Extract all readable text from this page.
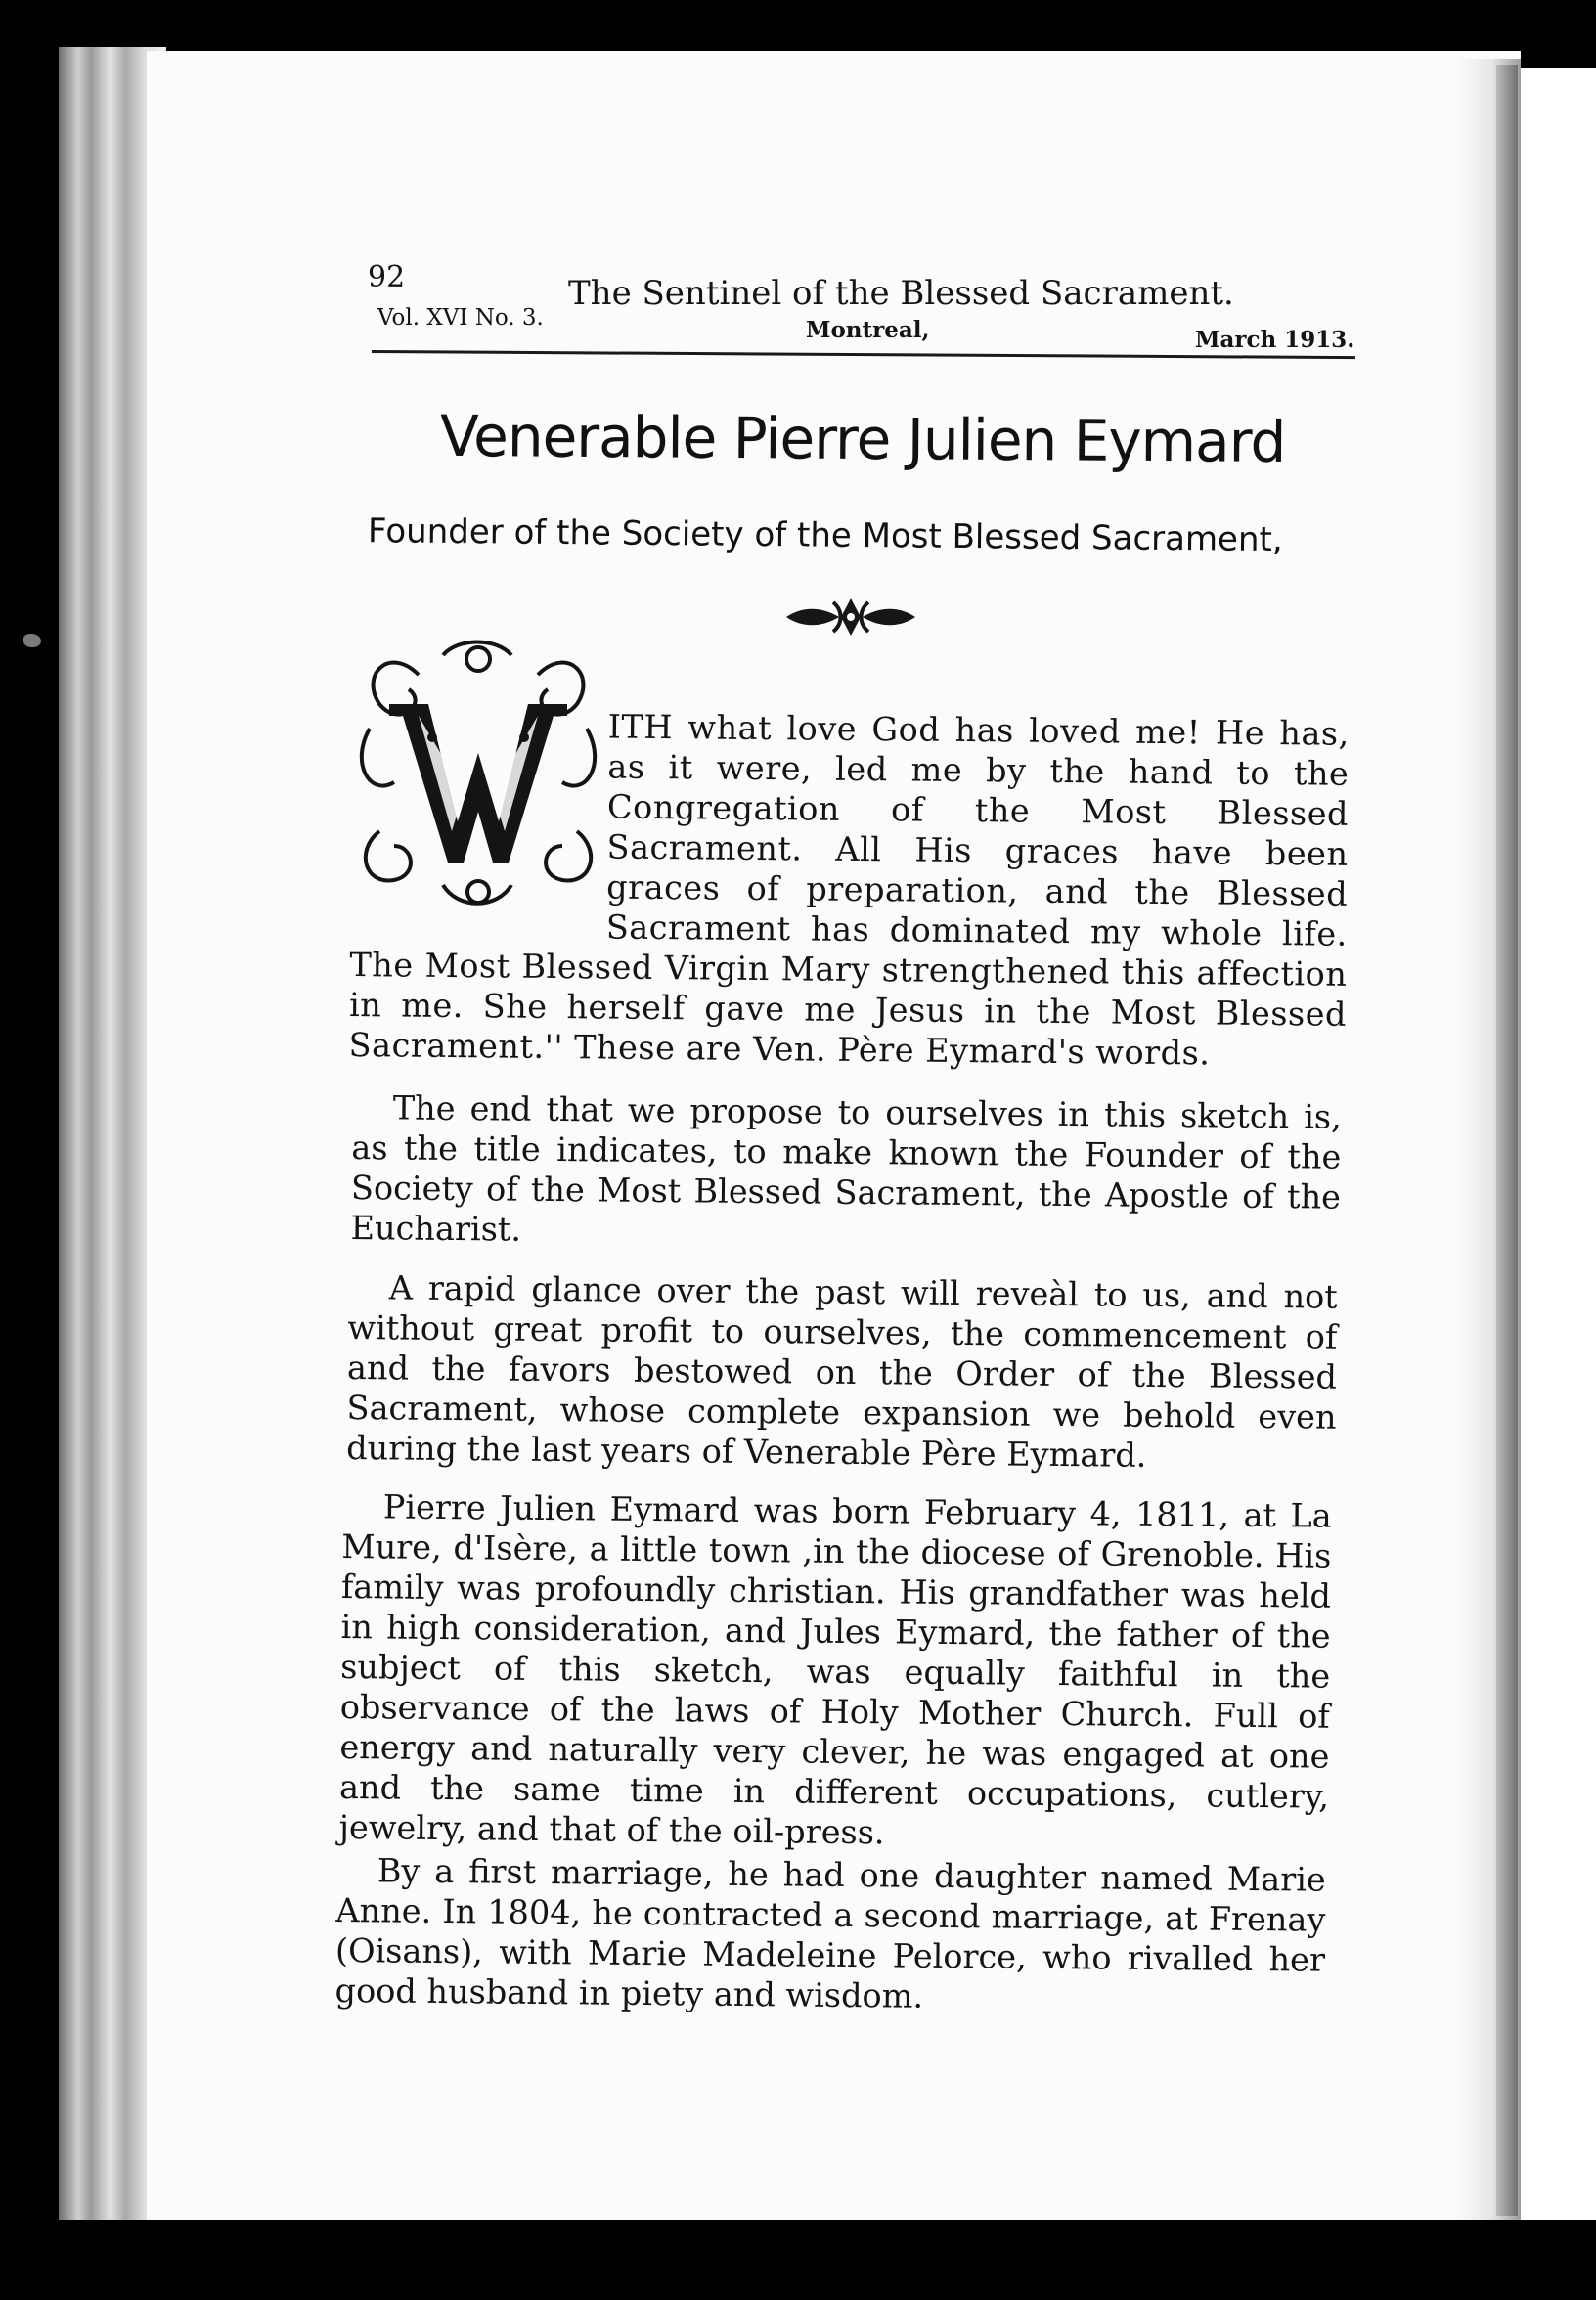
92	The Sentinel of the Blessed Sacrament.
Vol. XVI No. 3.	Montreal,	March 1913.
Venerable Pierre Julien Eymard
Founder of the Society of the Most Blessed Sacrament,
ITH what love God has loved me! He has, as it were, led me by the hand to the Congregation of the Most Blessed Sacrament. All His graces have been graces of preparation, and the Blessed Sacrament has dominated my whole life. The Most Blessed Virgin Mary strengthened this affection in me. She herself gave me Jesus in the Most Blessed Sacrament.'' These are Ven. Père Eymard's words.
The end that we propose to ourselves in this sketch is, as the title indicates, to make known the Founder of the Society of the Most Blessed Sacrament, the Apostle of the Eucharist.
A rapid glance over the past will reveàl to us, and not without great profit to ourselves, the commencement of and the favors bestowed on the Order of the Blessed Sacrament, whose complete expansion we behold even during the last years of Venerable Père Eymard.
Pierre Julien Eymard was born February 4, 1811, at La Mure, d'Isère, a little town ,in the diocese of Grenoble. His family was profoundly christian. His grandfather was held in high consideration, and Jules Eymard, the father of the subject of this sketch, was equally faithful in the observance of the laws of Holy Mother Church. Full of energy and naturally very clever, he was engaged at one and the same time in different occupations, cutlery, jewelry, and that of the oil-press.
By a first marriage, he had one daughter named Marie Anne. In 1804, he contracted a second marriage, at Frenay (Oisans), with Marie Madeleine Pelorce, who rivalled her good husband in piety and wisdom.
